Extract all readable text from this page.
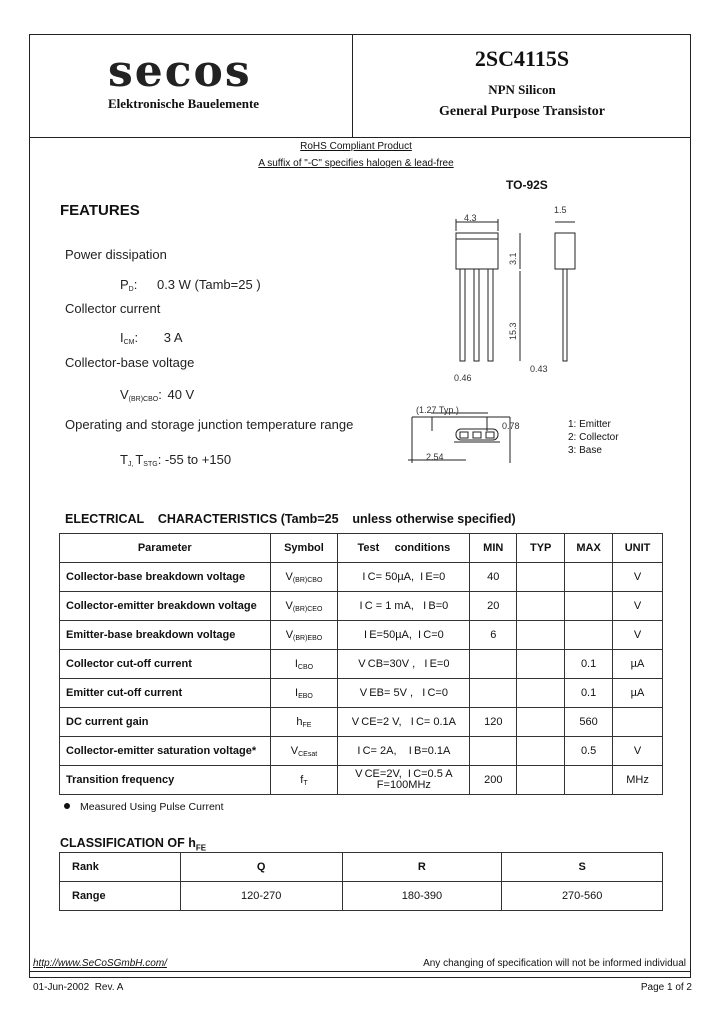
secos
Elektronische Bauelemente
2SC4115S
NPN Silicon
General Purpose Transistor
RoHS Compliant Product
A suffix of "-C" specifies halogen & lead-free
TO-92S
FEATURES
Power dissipation
$P_D$: 0.3 W (Tamb=25 )
Collector current
$I_{CM}$: 3 A
Collector-base voltage
$V_{(BR)CBO}$: 40 V
Operating and storage junction temperature range
$T_{J,}$ $T_{STG}$: -55 to +150
4.3
1.5
3.1
15.3
0.46
0.43
(1.27 Typ.)
0.78
2.54
1: Emitter
2: Collector
3: Base
ELECTRICAL    CHARACTERISTICS (Tamb=25    unless otherwise specified)
Parameter	Symbol	Test     conditions	MIN	TYP	MAX	UNIT
Collector-base breakdown voltage	$V_{(BR)CBO}$	I C= 50µA,  I E=0	40			V
Collector-emitter breakdown voltage	$V_{(BR)CEO}$	I C = 1 mA,   I B=0	20			V
Emitter-base breakdown voltage	$V_{(BR)EBO}$	I E=50µA,  I C=0	6			V
Collector cut-off current	$I_{CBO}$	V CB=30V ,   I E=0			0.1	µA
Emitter cut-off current	$I_{EBO}$	V EB= 5V ,   I C=0			0.1	µA
DC current gain	$h_{FE}$	V CE=2 V,   I C= 0.1A	120		560	
Collector-emitter saturation voltage*	$V_{CEsat}$	I C= 2A,    I B=0.1A			0.5	V
Transition frequency	$f_T$	V CE=2V,  I C=0.5 A
F=100MHz	200			MHz
Measured Using Pulse Current
CLASSIFICATION OF $h_{FE}$
Rank	Q	R	S
Range	120-270	180-390	270-560
http://www.SeCoSGmbH.com/	Any changing of specification will not be informed individual
01-Jun-2002  Rev. A	Page 1 of 2
